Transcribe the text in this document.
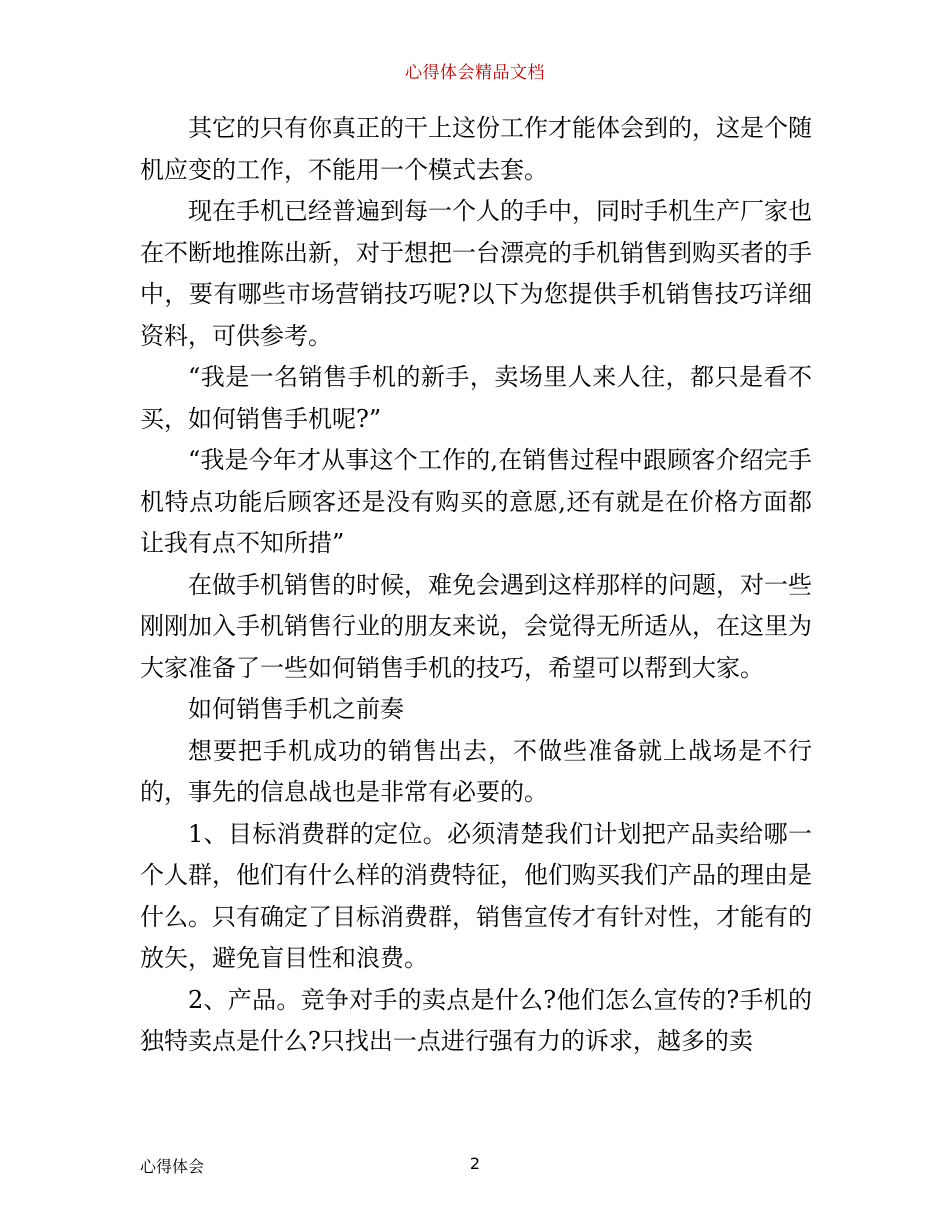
心得体会精品文档

其它的只有你真正的干上这份工作才能体会到的，这是个随机应变的工作，不能用一个模式去套。

现在手机已经普遍到每一个人的手中，同时手机生产厂家也在不断地推陈出新，对于想把一台漂亮的手机销售到购买者的手中，要有哪些市场营销技巧呢?以下为您提供手机销售技巧详细资料，可供参考。

“我是一名销售手机的新手，卖场里人来人往，都只是看不买，如何销售手机呢?”

“我是今年才从事这个工作的,在销售过程中跟顾客介绍完手机特点功能后顾客还是没有购买的意愿,还有就是在价格方面都让我有点不知所措”

在做手机销售的时候，难免会遇到这样那样的问题，对一些刚刚加入手机销售行业的朋友来说，会觉得无所适从，在这里为大家准备了一些如何销售手机的技巧，希望可以帮到大家。

如何销售手机之前奏

想要把手机成功的销售出去，不做些准备就上战场是不行的，事先的信息战也是非常有必要的。

1、目标消费群的定位。必须清楚我们计划把产品卖给哪一个人群，他们有什么样的消费特征，他们购买我们产品的理由是什么。只有确定了目标消费群，销售宣传才有针对性，才能有的放矢，避免盲目性和浪费。

2、产品。竞争对手的卖点是什么?他们怎么宣传的?手机的独特卖点是什么?只找出一点进行强有力的诉求，越多的卖

心得体会	2
